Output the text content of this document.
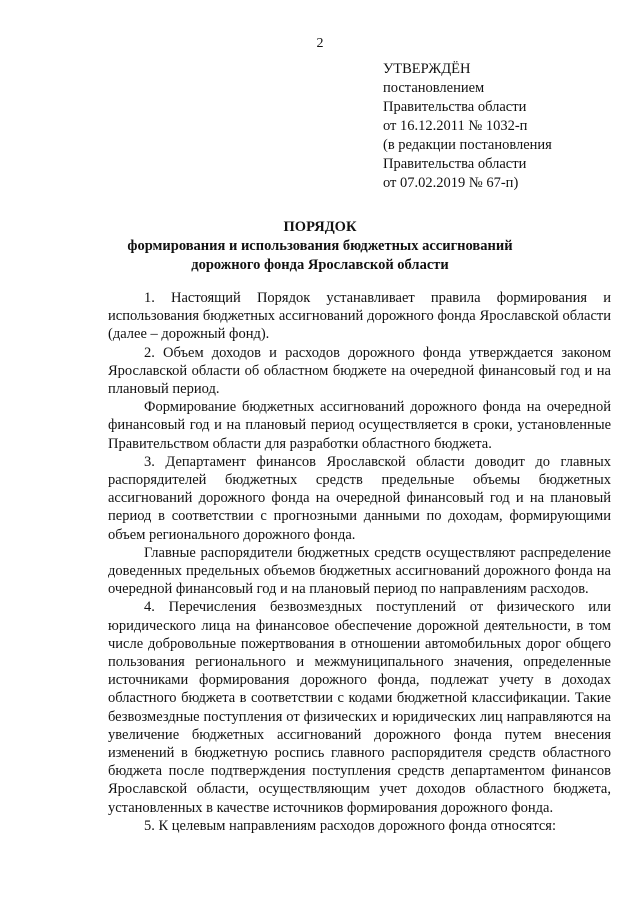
2
УТВЕРЖДЁН
постановлением
Правительства области
от 16.12.2011 № 1032-п
(в редакции постановления
Правительства области
от 07.02.2019 № 67-п)
ПОРЯДОК
формирования и использования бюджетных ассигнований
дорожного фонда Ярославской области

1. Настоящий Порядок устанавливает правила формирования и использования бюджетных ассигнований дорожного фонда Ярославской области (далее – дорожный фонд).

2. Объем доходов и расходов дорожного фонда утверждается законом Ярославской области об областном бюджете на очередной финансовый год и на плановый период.

Формирование бюджетных ассигнований дорожного фонда на очередной финансовый год и на плановый период осуществляется в сроки, установленные Правительством области для разработки областного бюджета.

3. Департамент финансов Ярославской области доводит до главных распорядителей бюджетных средств предельные объемы бюджетных ассигнований дорожного фонда на очередной финансовый год и на плановый период в соответствии с прогнозными данными по доходам, формирующими объем регионального дорожного фонда.

Главные распорядители бюджетных средств осуществляют распределение доведенных предельных объемов бюджетных ассигнований дорожного фонда на очередной финансовый год и на плановый период по направлениям расходов.

4. Перечисления безвозмездных поступлений от физического или юридического лица на финансовое обеспечение дорожной деятельности, в том числе добровольные пожертвования в отношении автомобильных дорог общего пользования регионального и межмуниципального значения, определенные источниками формирования дорожного фонда, подлежат учету в доходах областного бюджета в соответствии с кодами бюджетной классификации. Такие безвозмездные поступления от физических и юридических лиц направляются на увеличение бюджетных ассигнований дорожного фонда путем внесения изменений в бюджетную роспись главного распорядителя средств областного бюджета после подтверждения поступления средств департаментом финансов Ярославской области, осуществляющим учет доходов областного бюджета, установленных в качестве источников формирования дорожного фонда.

5. К целевым направлениям расходов дорожного фонда относятся:
